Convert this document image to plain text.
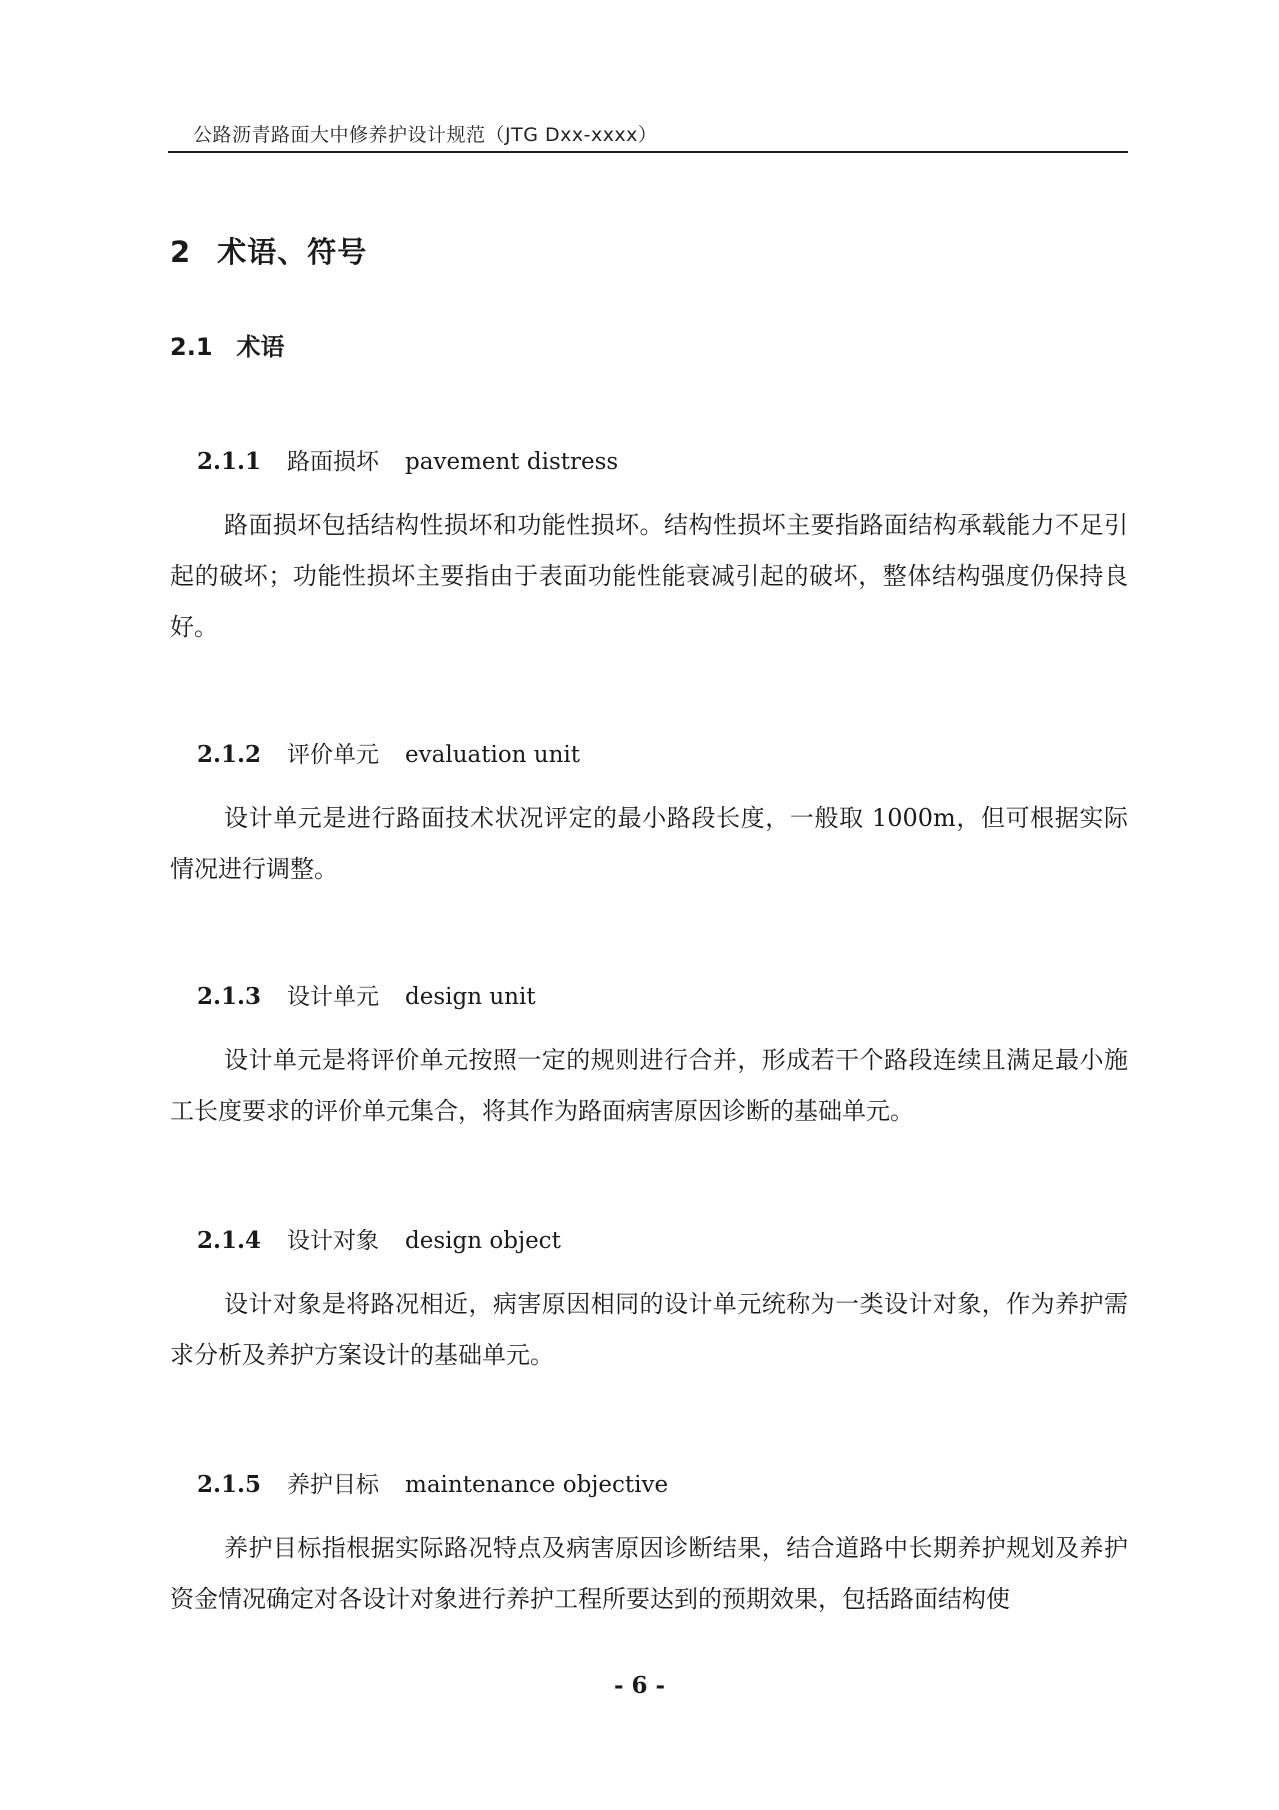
公路沥青路面大中修养护设计规范（JTG Dxx-xxxx）
2 术语、符号
2.1 术语
2.1.1 路面损坏 pavement distress

路面损坏包括结构性损坏和功能性损坏。结构性损坏主要指路面结构承载能力不足引起的破坏；功能性损坏主要指由于表面功能性能衰减引起的破坏，整体结构强度仍保持良好。

2.1.2 评价单元 evaluation unit

设计单元是进行路面技术状况评定的最小路段长度，一般取 1000m，但可根据实际情况进行调整。

2.1.3 设计单元 design unit

设计单元是将评价单元按照一定的规则进行合并，形成若干个路段连续且满足最小施工长度要求的评价单元集合，将其作为路面病害原因诊断的基础单元。

2.1.4 设计对象 design object

设计对象是将路况相近，病害原因相同的设计单元统称为一类设计对象，作为养护需求分析及养护方案设计的基础单元。

2.1.5 养护目标 maintenance objective

养护目标指根据实际路况特点及病害原因诊断结果，结合道路中长期养护规划及养护资金情况确定对各设计对象进行养护工程所要达到的预期效果，包括路面结构使

- 6 -
